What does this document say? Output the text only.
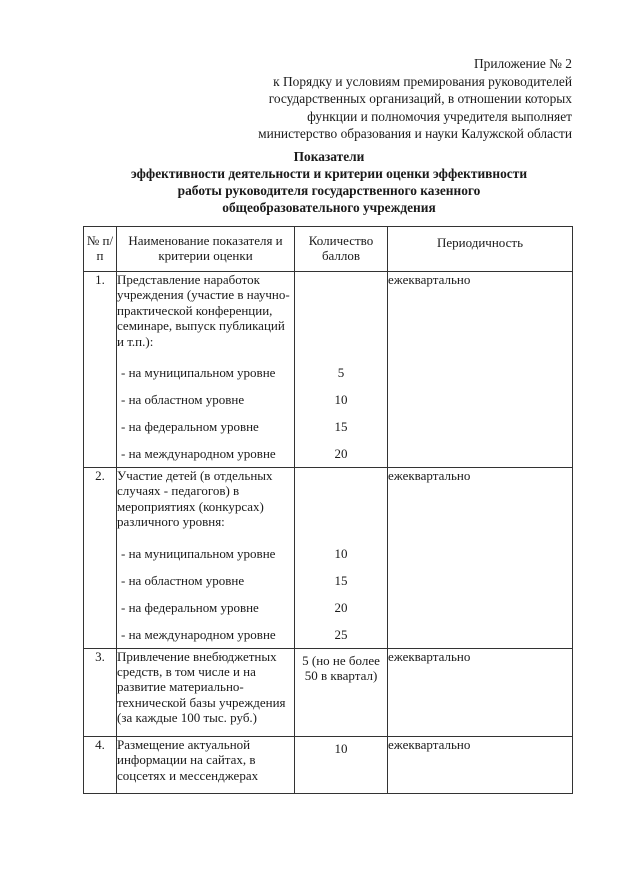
Приложение № 2
к Порядку и условиям премирования руководителей
государственных организаций, в отношении которых
функции и полномочия учредителя выполняет
министерство образования и науки Калужской области
Показатели
эффективности деятельности и критерии оценки эффективности
работы руководителя государственного казенного
общеобразовательного учреждения
№ п/п	Наименование показателя и критерии оценки	Количество баллов	Периодичность
1.	Представление наработок учреждения (участие в научно-практической конференции, семинаре, выпуск публикаций и т.п.):		ежеквартально
	- на муниципальном уровне	5	
	- на областном уровне	10	
	- на федеральном уровне	15	
	- на международном уровне	20	
2.	Участие детей (в отдельных случаях - педагогов) в мероприятиях (конкурсах) различного уровня:		ежеквартально
	- на муниципальном уровне	10	
	- на областном уровне	15	
	- на федеральном уровне	20	
	- на международном уровне	25	
3.	Привлечение внебюджетных средств, в том числе и на развитие материально-технической базы учреждения (за каждые 100 тыс. руб.)	5 (но не более 50 в квартал)	ежеквартально
4.	Размещение актуальной информации на сайтах, в соцсетях и мессенджерах	10	ежеквартально
